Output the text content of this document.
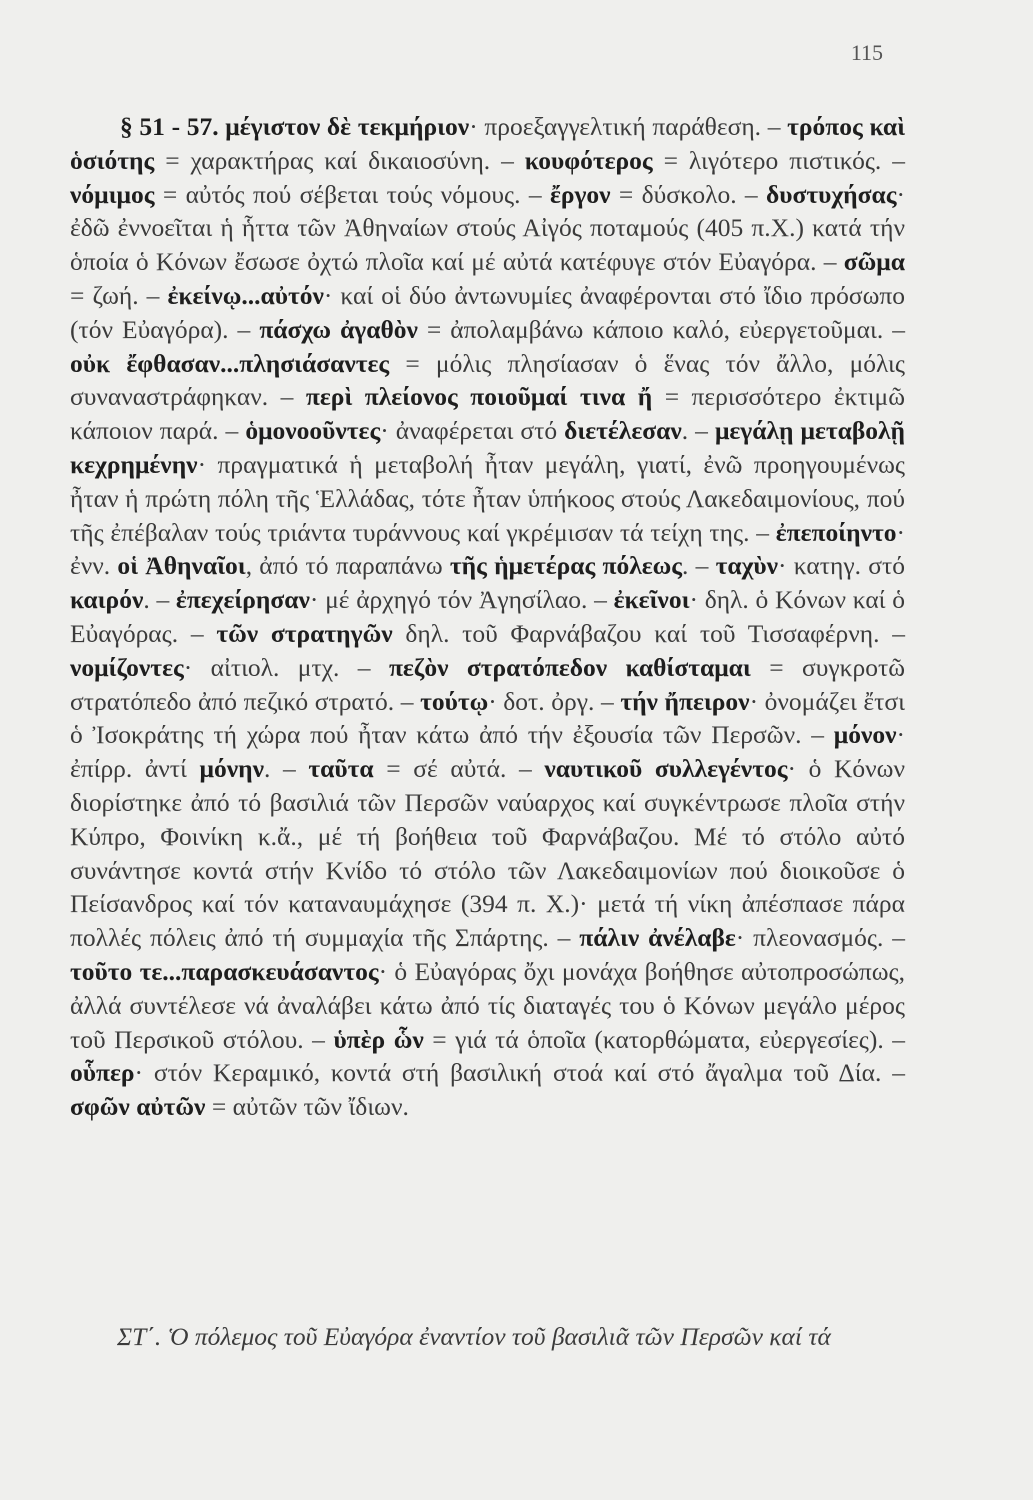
115

§ 51 - 57. μέγιστον δὲ τεκμήριον· προεξαγγελτική παράθεση. – τρόπος καὶ ὁσιότης = χαρακτήρας καί δικαιοσύνη. – κουφότερος = λιγότερο πιστικός. – νόμιμος = αὐτός πού σέβεται τούς νόμους. – ἔργον = δύσκολο. – δυστυχήσας· ἐδῶ ἐννοεῖται ἡ ἧττα τῶν Ἀθηναίων στούς Αἰγός ποταμούς (405 π.Χ.) κατά τήν ὁποία ὁ Κόνων ἔσωσε ὀχτώ πλοῖα καί μέ αὐτά κατέφυγε στόν Εὐαγόρα. – σῶμα = ζωή. – ἐκείνῳ...αὐτόν· καί οἱ δύο ἀντωνυμίες ἀναφέρονται στό ἴδιο πρόσωπο (τόν Εὐαγόρα). – πάσχω ἀγαθὸν = ἀπολαμβάνω κάποιο καλό, εὐεργετοῦμαι. – οὐκ ἔφθασαν...πλησιάσαντες = μόλις πλησίασαν ὁ ἕνας τόν ἄλλο, μόλις συναναστράφηκαν. – περὶ πλείονος ποιοῦμαί τινα ἤ = περισσότερο ἐκτιμῶ κάποιον παρά. – ὁμονοοῦντες· ἀναφέρεται στό διετέλεσαν. – μεγάλῃ μεταβολῇ κεχρημένην· πραγματικά ἡ μεταβολή ἦταν μεγάλη, γιατί, ἐνῶ προηγουμένως ἦταν ἡ πρώτη πόλη τῆς Ἑλλάδας, τότε ἦταν ὑπήκοος στούς Λακεδαιμονίους, πού τῆς ἐπέβαλαν τούς τριάντα τυράννους καί γκρέμισαν τά τείχη της. – ἐπεποίηντο· ἐνν. οἱ Ἀθηναῖοι, ἀπό τό παραπάνω τῆς ἡμετέρας πόλεως. – ταχὺν· κατηγ. στό καιρόν. – ἐπεχείρησαν· μέ ἀρχηγό τόν Ἀγησίλαο. – ἐκεῖνοι· δηλ. ὁ Κόνων καί ὁ Εὐαγόρας. – τῶν στρατηγῶν δηλ. τοῦ Φαρνάβαζου καί τοῦ Τισσαφέρνη. – νομίζοντες· αἰτιολ. μτχ. – πεζὸν στρατόπεδον καθίσταμαι = συγκροτῶ στρατόπεδο ἀπό πεζικό στρατό. – τούτῳ· δοτ. ὀργ. – τήν ἤπειρον· ὀνομάζει ἔτσι ὁ Ἰσοκράτης τή χώρα πού ἦταν κάτω ἀπό τήν ἐξουσία τῶν Περσῶν. – μόνον· ἐπίρρ. ἀντί μόνην. – ταῦτα = σέ αὐτά. – ναυτικοῦ συλλεγέντος· ὁ Κόνων διορίστηκε ἀπό τό βασιλιά τῶν Περσῶν ναύαρχος καί συγκέντρωσε πλοῖα στήν Κύπρο, Φοινίκη κ.ἄ., μέ τή βοήθεια τοῦ Φαρνάβαζου. Μέ τό στόλο αὐτό συνάντησε κοντά στήν Κνίδο τό στόλο τῶν Λακεδαιμονίων πού διοικοῦσε ὁ Πείσανδρος καί τόν καταναυμάχησε (394 π. Χ.)· μετά τή νίκη ἀπέσπασε πάρα πολλές πόλεις ἀπό τή συμμαχία τῆς Σπάρτης. – πάλιν ἀνέλαβε· πλεονασμός. – τοῦτο τε...παρασκευάσαντος· ὁ Εὐαγόρας ὄχι μονάχα βοήθησε αὐτοπροσώπως, ἀλλά συντέλεσε νά ἀναλάβει κάτω ἀπό τίς διαταγές του ὁ Κόνων μεγάλο μέρος τοῦ Περσικοῦ στόλου. – ὑπὲρ ὧν = γιά τά ὁποῖα (κατορθώματα, εὐεργεσίες). – οὗπερ· στόν Κεραμικό, κοντά στή βασιλική στοά καί στό ἄγαλμα τοῦ Δία. – σφῶν αὐτῶν = αὐτῶν τῶν ἴδιων.

ΣΤ΄. Ὁ πόλεμος τοῦ Εὐαγόρα ἐναντίον τοῦ βασιλιᾶ τῶν Περσῶν καί τά
